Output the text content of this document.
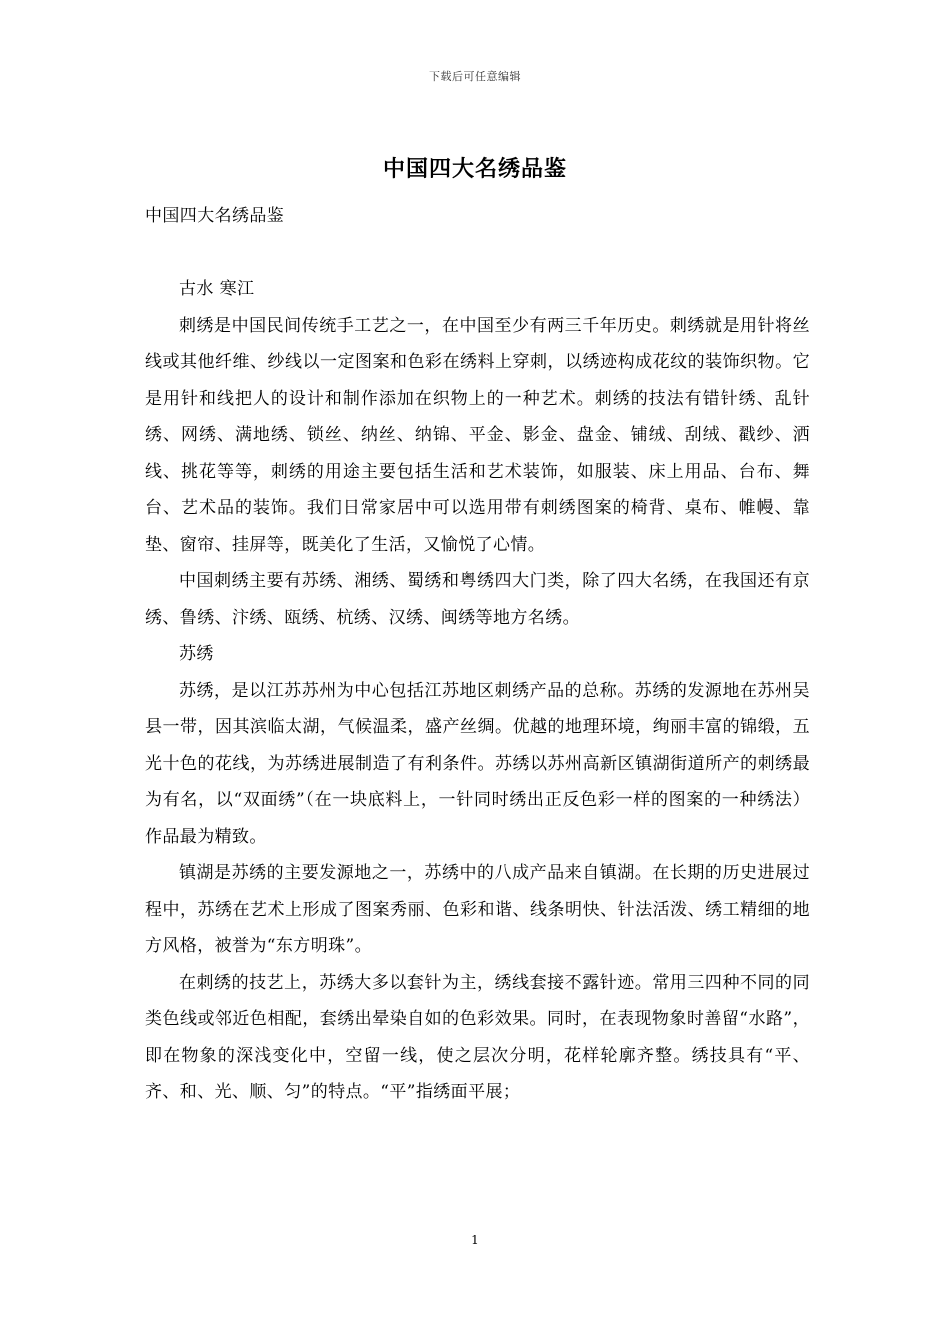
下载后可任意编辑
中国四大名绣品鉴

中国四大名绣品鉴

古水 寒江

刺绣是中国民间传统手工艺之一，在中国至少有两三千年历史。刺绣就是用针将丝线或其他纤维、纱线以一定图案和色彩在绣料上穿刺，以绣迹构成花纹的装饰织物。它是用针和线把人的设计和制作添加在织物上的一种艺术。刺绣的技法有错针绣、乱针绣、网绣、满地绣、锁丝、纳丝、纳锦、平金、影金、盘金、铺绒、刮绒、戳纱、洒线、挑花等等，刺绣的用途主要包括生活和艺术装饰，如服装、床上用品、台布、舞台、艺术品的装饰。我们日常家居中可以选用带有刺绣图案的椅背、桌布、帷幔、靠垫、窗帘、挂屏等，既美化了生活，又愉悦了心情。

中国刺绣主要有苏绣、湘绣、蜀绣和粤绣四大门类，除了四大名绣，在我国还有京绣、鲁绣、汴绣、瓯绣、杭绣、汉绣、闽绣等地方名绣。

苏绣

苏绣，是以江苏苏州为中心包括江苏地区刺绣产品的总称。苏绣的发源地在苏州吴县一带，因其滨临太湖，气候温柔，盛产丝绸。优越的地理环境，绚丽丰富的锦缎，五光十色的花线，为苏绣进展制造了有利条件。苏绣以苏州高新区镇湖街道所产的刺绣最为有名，以“双面绣”（在一块底料上，一针同时绣出正反色彩一样的图案的一种绣法）作品最为精致。

镇湖是苏绣的主要发源地之一，苏绣中的八成产品来自镇湖。在长期的历史进展过程中，苏绣在艺术上形成了图案秀丽、色彩和谐、线条明快、针法活泼、绣工精细的地方风格，被誉为“东方明珠”。

在刺绣的技艺上，苏绣大多以套针为主，绣线套接不露针迹。常用三四种不同的同类色线或邻近色相配，套绣出晕染自如的色彩效果。同时，在表现物象时善留“水路”，即在物象的深浅变化中，空留一线，使之层次分明，花样轮廓齐整。绣技具有“平、齐、和、光、顺、匀”的特点。“平”指绣面平展；

1
